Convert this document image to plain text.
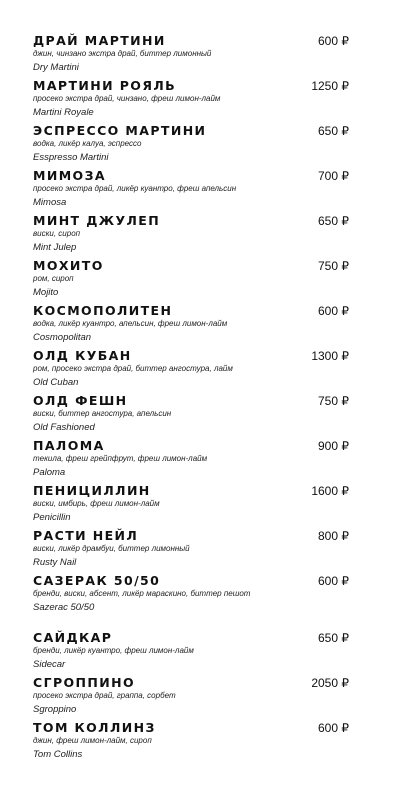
ДРАЙ МАРТИНИ	600 ₽
джин, чинзано экстра драй, биттер лимонный
Dry Martini
МАРТИНИ РОЯЛЬ	1250 ₽
просеко экстра драй, чинзано, фреш лимон-лайм
Martini Royale
ЭСПРЕССО МАРТИНИ	650 ₽
водка, ликёр калуа, эспрессо
Esspresso Martini
МИМОЗА	700 ₽
просеко экстра драй, ликёр куантро, фреш апельсин
Mimosa
МИНТ ДЖУЛЕП	650 ₽
виски, сироп
Mint Julep
МОХИТО	750 ₽
ром, сироп
Mojito
КОСМОПОЛИТЕН	600 ₽
водка, ликёр куантро, апельсин, фреш лимон-лайм
Cosmopolitan
ОЛД КУБАН	1300 ₽
ром, просеко экстра драй, биттер ангостура, лайм
Old Cuban
ОЛД ФЕШН	750 ₽
виски, биттер ангостура, апельсин
Old Fashioned
ПАЛОМА	900 ₽
текила, фреш грейпфрут, фреш лимон-лайм
Paloma
ПЕНИЦИЛЛИН	1600 ₽
виски, имбирь, фреш лимон-лайм
Penicillin
РАСТИ НЕЙЛ	800 ₽
виски, ликёр драмбуи, биттер лимонный
Rusty Nail
САЗЕРАК 50/50	600 ₽
бренди, виски, абсент, ликёр мараскино, биттер пешот
Sazerac 50/50
САЙДКАР	650 ₽
бренди, ликёр куантро, фреш лимон-лайм
Sidecar
СГРОППИНО	2050 ₽
просеко экстра драй, граппа, сорбет
Sgroppino
ТОМ КОЛЛИНЗ	600 ₽
джин, фреш лимон-лайм, сироп
Tom Collins
